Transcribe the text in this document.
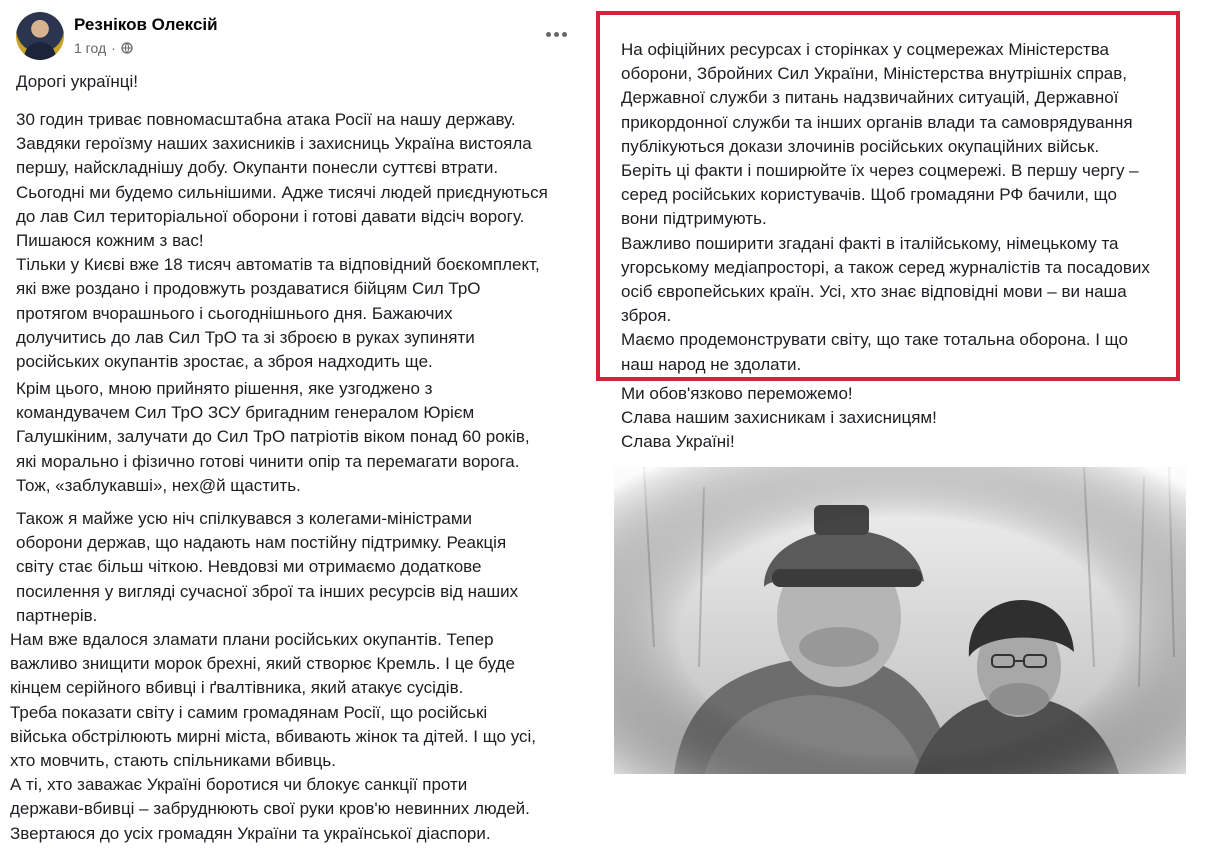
Резніков Олексій
1 год ·
Дорогі українці!
30 годин триває повномасштабна атака Росії на нашу державу.
Завдяки героїзму наших захисників і захисниць Україна вистояла
першу, найскладнішу добу. Окупанти понесли суттєві втрати.
Сьогодні ми будемо сильнішими. Адже тисячі людей приєднуються
до лав Сил територіальної оборони і готові давати відсіч ворогу.
Пишаюся кожним з вас!
Тільки у Києві вже 18 тисяч автоматів та відповідний боєкомплект,
які вже роздано і продовжуть роздаватися бійцям Сил ТрО
протягом вчорашнього і сьогоднішнього дня. Бажаючих
долучитись до лав Сил ТрО та зі зброєю в руках зупиняти
російських окупантів зростає, а зброя надходить ще.
Крім цього, мною прийнято рішення, яке узгоджено з
командувачем Сил ТрО ЗСУ бригадним генералом Юрієм
Галушкіним, залучати до Сил ТрО патріотів віком понад 60 років,
які морально і фізично готові чинити опір та перемагати ворога.
Тож, «заблукавші», нех@й щастить.
Також я майже усю ніч спілкувався з колегами-міністрами
оборони держав, що надають нам постійну підтримку. Реакція
світу стає більш чіткою. Невдовзі ми отримаємо додаткове
посилення у вигляді сучасної зброї та інших ресурсів від наших
партнерів.
Нам вже вдалося зламати плани російських окупантів. Тепер
важливо знищити морок брехні, який створює Кремль. І це буде
кінцем серійного вбивці і ґвалтівника, який атакує сусідів.
Треба показати світу і самим громадянам Росії, що російські
війська обстрілюють мирні міста, вбивають жінок та дітей. І що усі,
хто мовчить, стають спільниками вбивць.
А ті, хто заважає Україні боротися чи блокує санкції проти
держави-вбивці – забруднюють свої руки кров'ю невинних людей.
Звертаюся до усіх громадян України та української діаспори.
На офіційних ресурсах і сторінках у соцмережах Міністерства
оборони, Збройних Сил України, Міністерства внутрішніх справ,
Державної служби з питань надзвичайних ситуацій, Державної
прикордонної служби та інших органів влади та самоврядування
публікуються докази злочинів російських окупаційних військ.
Беріть ці факти і поширюйте їх через соцмережі. В першу чергу –
серед російських користувачів. Щоб громадяни РФ бачили, що
вони підтримують.
Важливо поширити згадані факті в італійському, німецькому та
угорському медіапросторі, а також серед журналістів та посадових
осіб європейських країн. Усі, хто знає відповідні мови – ви наша
зброя.
Маємо продемонструвати світу, що таке тотальна оборона. І що
наш народ не здолати.
Ми обов'язково переможемо!
Слава нашим захисникам і захисницям!
Слава Україні!
